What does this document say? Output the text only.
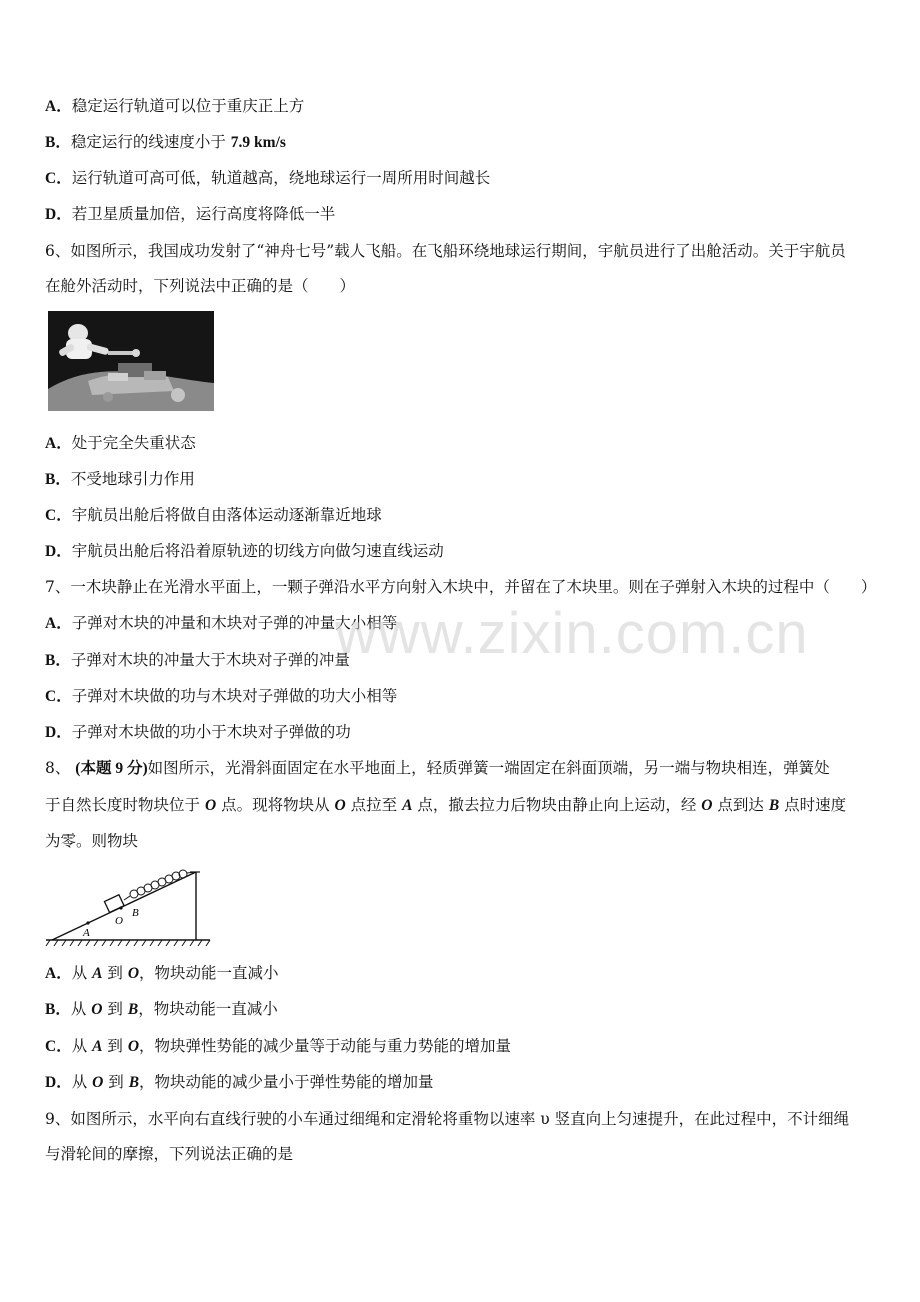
A．稳定运行轨道可以位于重庆正上方
B．稳定运行的线速度小于 7.9 km/s
C．运行轨道可高可低，轨道越高，绕地球运行一周所用时间越长
D．若卫星质量加倍，运行高度将降低一半
6、如图所示，我国成功发射了“神舟七号”载人飞船。在飞船环绕地球运行期间，宇航员进行了出舱活动。关于宇航员
在舱外活动时，下列说法中正确的是（　　）
A．处于完全失重状态
B．不受地球引力作用
C．宇航员出舱后将做自由落体运动逐渐靠近地球
D．宇航员出舱后将沿着原轨迹的切线方向做匀速直线运动
7、一木块静止在光滑水平面上，一颗子弹沿水平方向射入木块中，并留在了木块里。则在子弹射入木块的过程中（　　）
A．子弹对木块的冲量和木块对子弹的冲量大小相等
B．子弹对木块的冲量大于木块对子弹的冲量
C．子弹对木块做的功与木块对子弹做的功大小相等
D．子弹对木块做的功小于木块对子弹做的功
8、 (本题 9 分)如图所示，光滑斜面固定在水平地面上，轻质弹簧一端固定在斜面顶端，另一端与物块相连，弹簧处
于自然长度时物块位于 O 点。现将物块从 O 点拉至 A 点，撤去拉力后物块由静止向上运动，经 O 点到达 B 点时速度
为零。则物块
A
O
B
A．从 A 到 O，物块动能一直减小
B．从 O 到 B，物块动能一直减小
C．从 A 到 O，物块弹性势能的减少量等于动能与重力势能的增加量
D．从 O 到 B，物块动能的减少量小于弹性势能的增加量
9、如图所示，水平向右直线行驶的小车通过细绳和定滑轮将重物以速率 υ 竖直向上匀速提升，在此过程中，不计细绳
与滑轮间的摩擦，下列说法正确的是
www.zixin.com.cn
